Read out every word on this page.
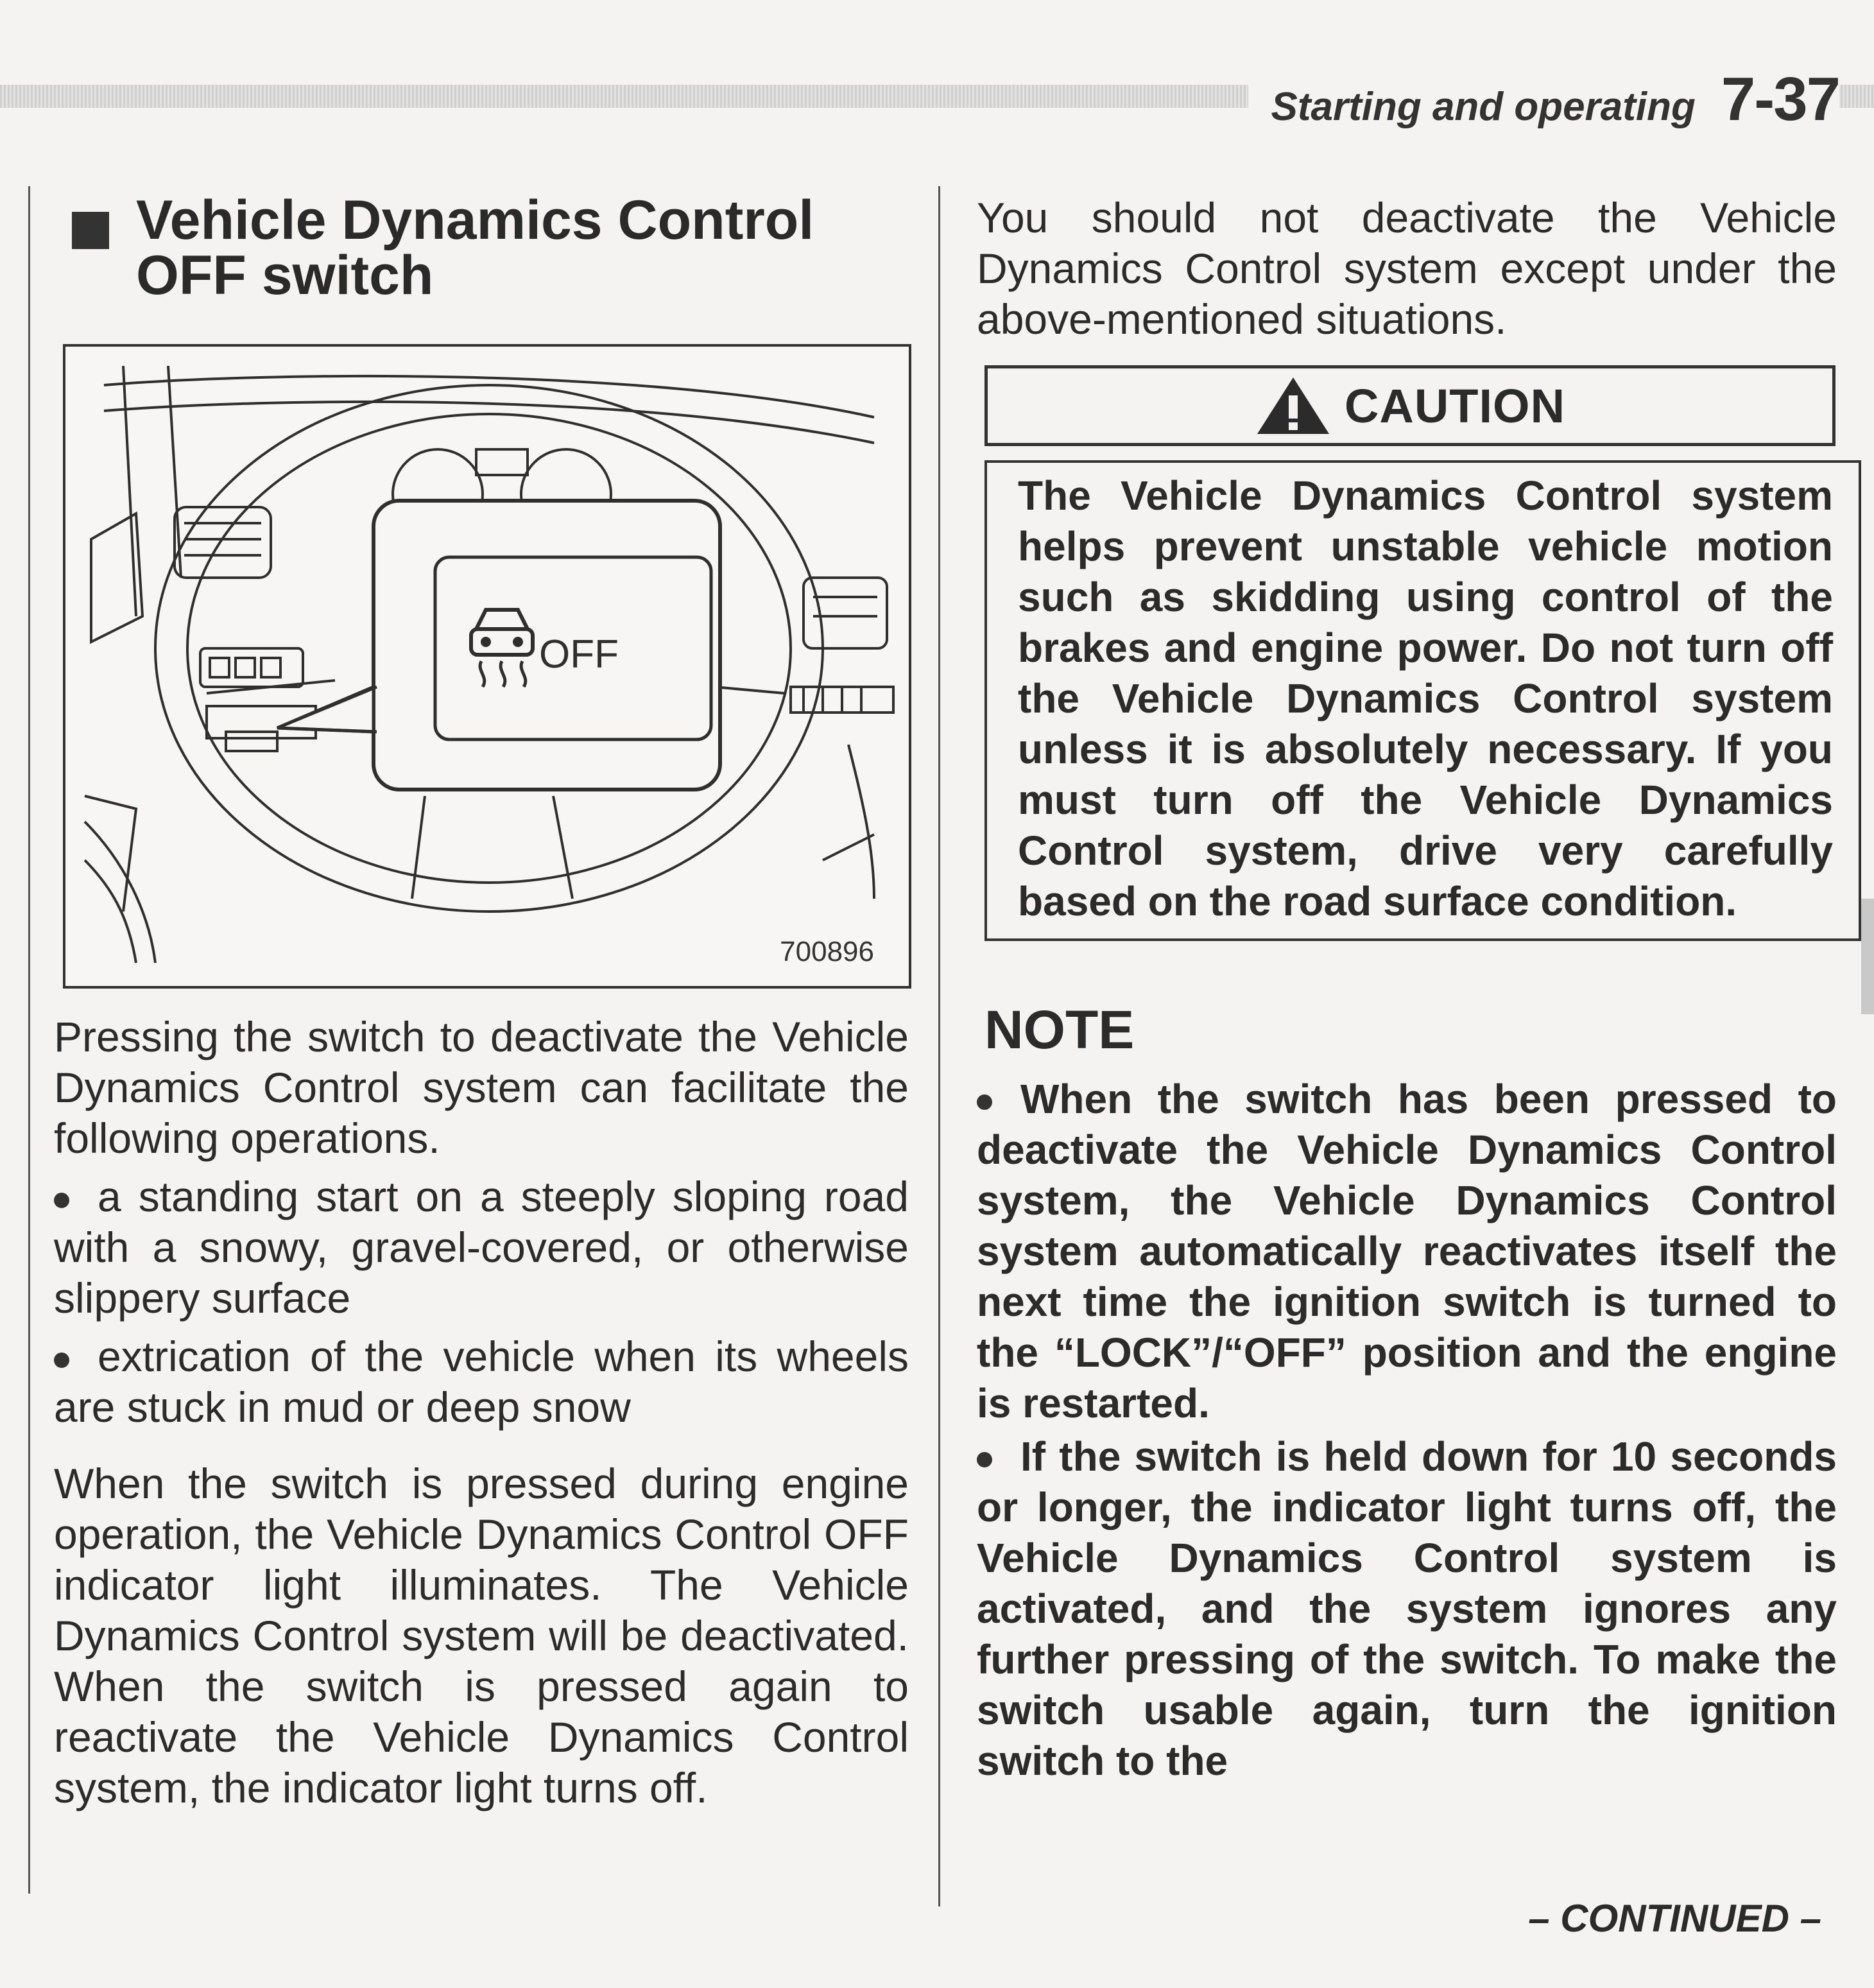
Starting and operating 7-37
Vehicle Dynamics Control OFF switch
OFF
700896

Pressing the switch to deactivate the Vehicle Dynamics Control system can facilitate the following operations.

a standing start on a steeply sloping road with a snowy, gravel-covered, or otherwise slippery surface

extrication of the vehicle when its wheels are stuck in mud or deep snow

When the switch is pressed during engine operation, the Vehicle Dynamics Control OFF indicator light illuminates. The Vehicle Dynamics Control system will be deactivated. When the switch is pressed again to reactivate the Vehicle Dynamics Control system, the indicator light turns off.

You should not deactivate the Vehicle Dynamics Control system except under the above-mentioned situations.

CAUTION

The Vehicle Dynamics Control system helps prevent unstable vehicle motion such as skidding using control of the brakes and engine power. Do not turn off the Vehicle Dynamics Control system unless it is absolutely necessary. If you must turn off the Vehicle Dynamics Control system, drive very carefully based on the road surface condition.

NOTE

When the switch has been pressed to deactivate the Vehicle Dynamics Control system, the Vehicle Dynamics Control system automatically reactivates itself the next time the ignition switch is turned to the “LOCK”/“OFF” position and the engine is restarted.

If the switch is held down for 10 seconds or longer, the indicator light turns off, the Vehicle Dynamics Control system is activated, and the system ignores any further pressing of the switch. To make the switch usable again, turn the ignition switch to the

– CONTINUED –
